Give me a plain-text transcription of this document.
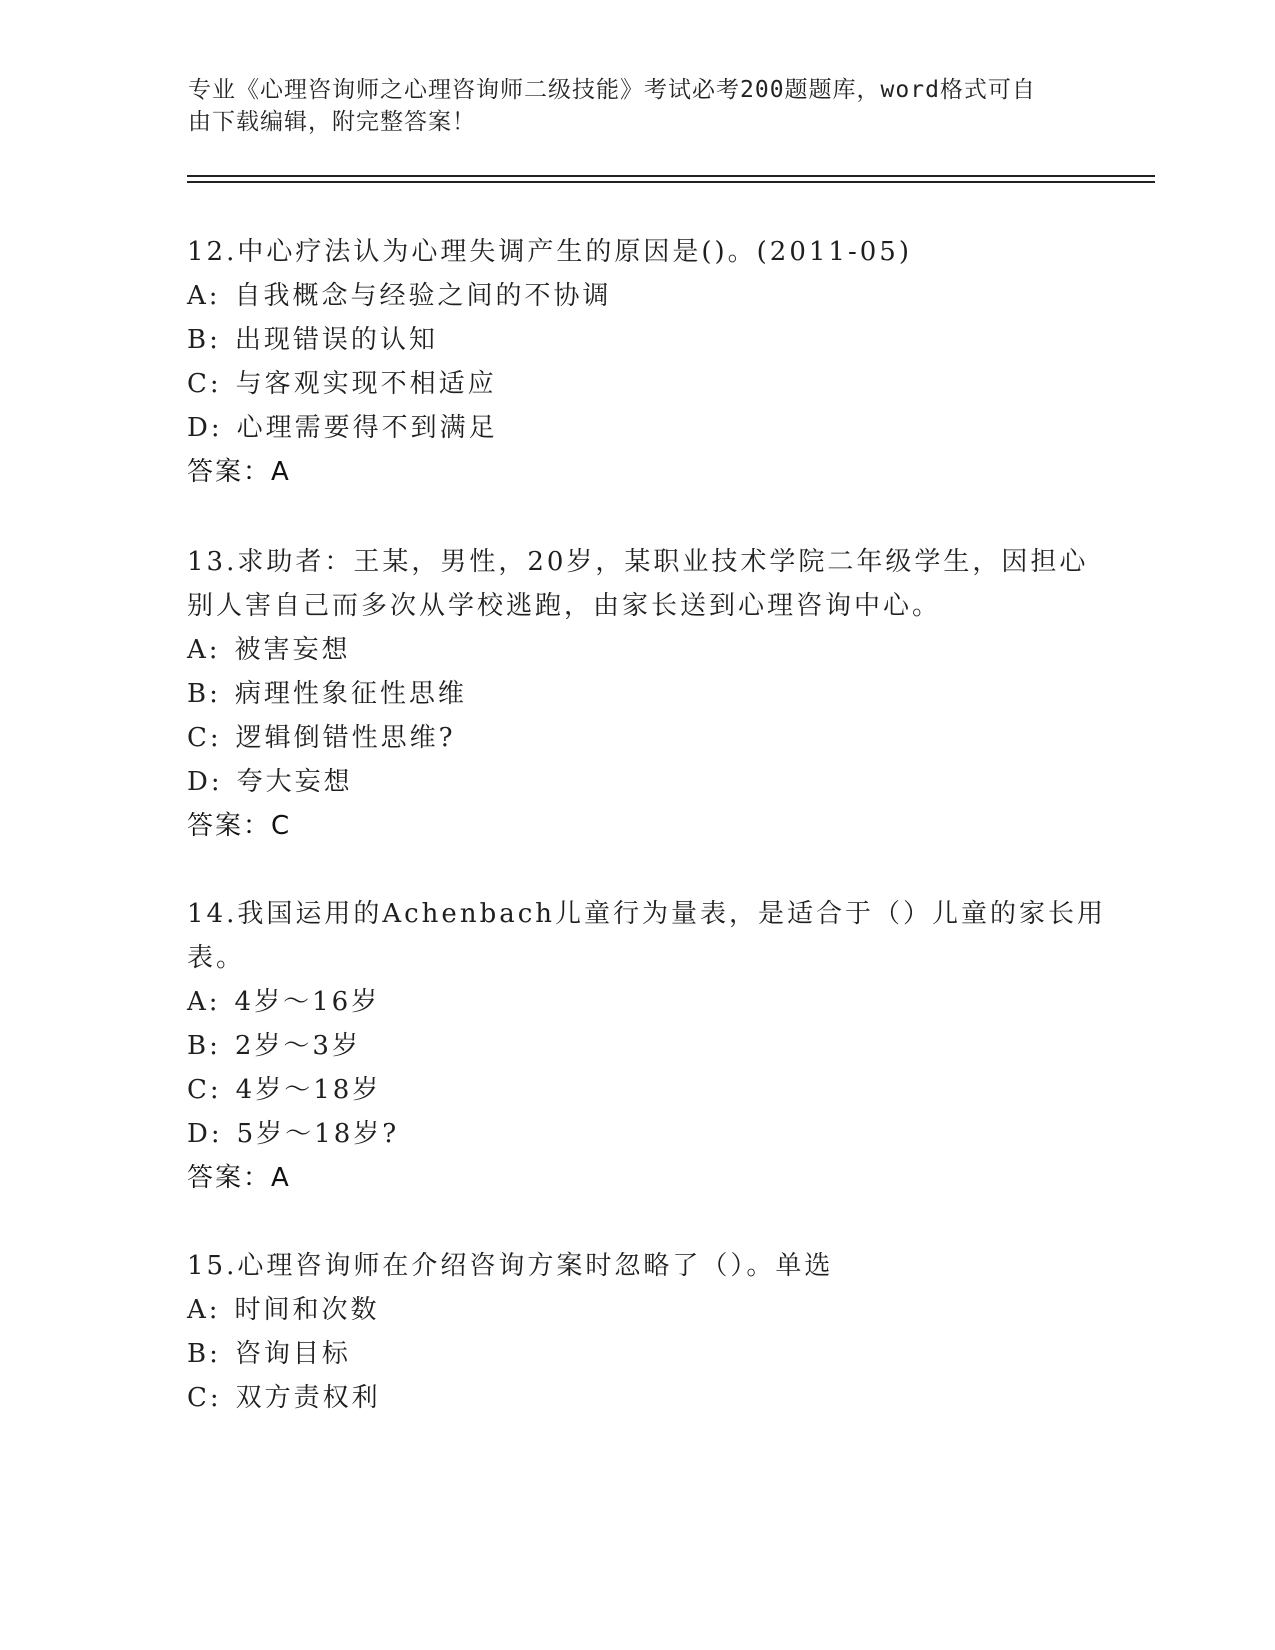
专业《心理咨询师之心理咨询师二级技能》考试必考200题题库，word格式可自
由下载编辑，附完整答案！
12.中心疗法认为心理失调产生的原因是()。(2011-05)
A: 自我概念与经验之间的不协调
B: 出现错误的认知
C: 与客观实现不相适应
D: 心理需要得不到满足
答案：A
13.求助者：王某，男性，20岁，某职业技术学院二年级学生，因担心
别人害自己而多次从学校逃跑，由家长送到心理咨询中心。
A: 被害妄想
B: 病理性象征性思维
C: 逻辑倒错性思维?
D: 夸大妄想
答案：C
14.我国运用的Achenbach儿童行为量表，是适合于（）儿童的家长用
表。
A: 4岁～16岁
B: 2岁～3岁
C: 4岁～18岁
D: 5岁～18岁?
答案：A
15.心理咨询师在介绍咨询方案时忽略了（）。单选
A: 时间和次数
B: 咨询目标
C: 双方责权利
